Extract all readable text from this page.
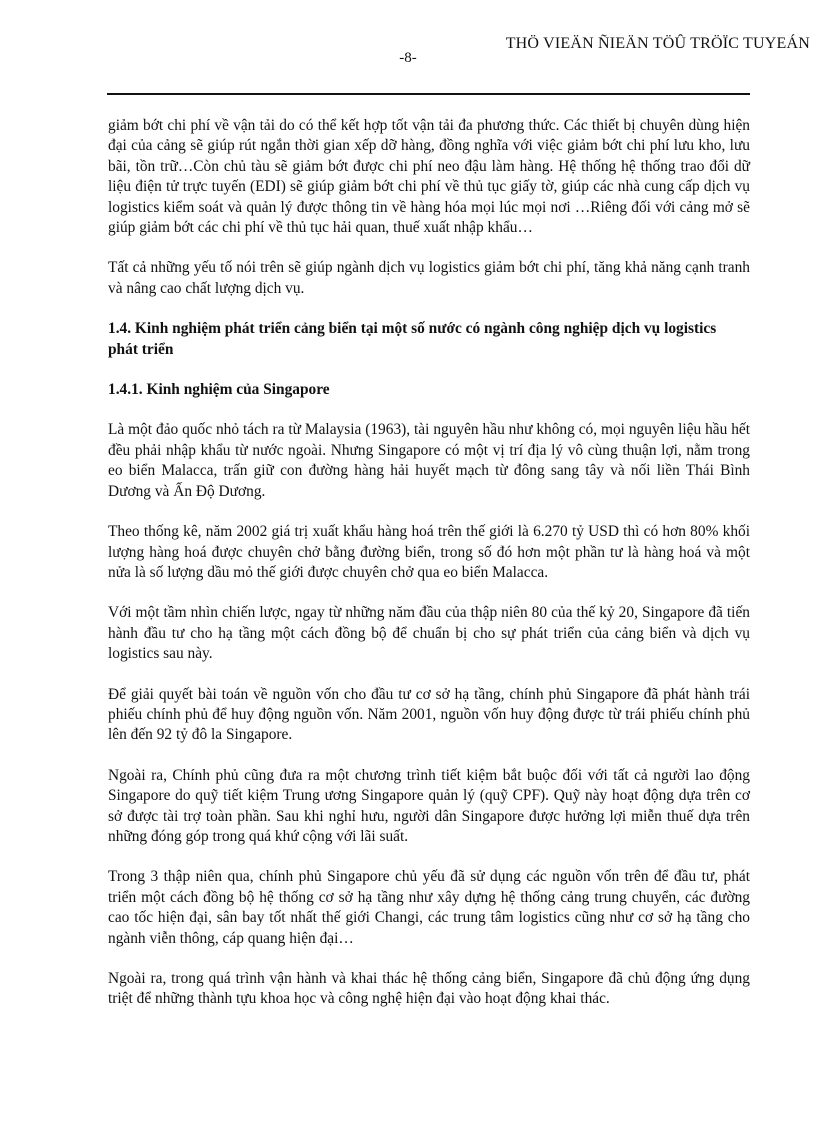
THÖ VIEÄN ÑIEÄN TÖÛ TRÖÏC TUYEÁN
-8-

giảm bớt chi phí về vận tải do có thể kết hợp tốt vận tải đa phương thức. Các thiết bị chuyên dùng hiện đại của cảng sẽ giúp rút ngắn thời gian xếp dỡ hàng, đồng nghĩa với việc giảm bớt chi phí lưu kho, lưu bãi, tồn trữ…Còn chủ tàu sẽ giảm bớt được chi phí neo đậu làm hàng. Hệ thống hệ thống trao đổi dữ liệu điện tử trực tuyến (EDI) sẽ giúp giảm bớt chi phí về thủ tục giấy tờ, giúp các nhà cung cấp dịch vụ logistics kiểm soát và quản lý được thông tin về hàng hóa mọi lúc mọi nơi …Riêng đối với cảng mở sẽ giúp giảm bớt các chi phí về thủ tục hải quan, thuế xuất nhập khẩu…

Tất cả những yếu tố nói trên sẽ giúp ngành dịch vụ logistics giảm bớt chi phí, tăng khả năng cạnh tranh và nâng cao chất lượng dịch vụ.

1.4. Kinh nghiệm phát triển cảng biển tại một số nước có ngành công nghiệp dịch vụ logistics phát triển
1.4.1. Kinh nghiệm của Singapore

Là một đảo quốc nhỏ tách ra từ Malaysia (1963), tài nguyên hầu như không có, mọi nguyên liệu hầu hết đều phải nhập khẩu từ nước ngoài. Nhưng Singapore có một vị trí địa lý vô cùng thuận lợi, nằm trong eo biển Malacca, trấn giữ con đường hàng hải huyết mạch từ đông sang tây và nối liền Thái Bình Dương và Ấn Độ Dương.

Theo thống kê, năm 2002 giá trị xuất khẩu hàng hoá trên thế giới là 6.270 tỷ USD thì có hơn 80% khối lượng hàng hoá được chuyên chở bằng đường biển, trong số đó hơn một phần tư là hàng hoá và một nửa là số lượng dầu mỏ thế giới được chuyên chở qua eo biển Malacca.

Với một tầm nhìn chiến lược, ngay từ những năm đầu của thập niên 80 của thế kỷ 20, Singapore đã tiến hành đầu tư cho hạ tầng một cách đồng bộ để chuẩn bị cho sự phát triển của cảng biển và dịch vụ logistics sau này.

Để giải quyết bài toán về nguồn vốn cho đầu tư cơ sở hạ tầng, chính phủ Singapore đã phát hành trái phiếu chính phủ để huy động nguồn vốn. Năm 2001, nguồn vốn huy động được từ trái phiếu chính phủ lên đến 92 tỷ đô la Singapore.

Ngoài ra, Chính phủ cũng đưa ra một chương trình tiết kiệm bắt buộc đối với tất cả người lao động Singapore do quỹ tiết kiệm Trung ương Singapore quản lý (quỹ CPF). Quỹ này hoạt động dựa trên cơ sở được tài trợ toàn phần. Sau khi nghỉ hưu, người dân Singapore được hưởng lợi miễn thuế dựa trên những đóng góp trong quá khứ cộng với lãi suất.

Trong 3 thập niên qua, chính phủ Singapore chủ yếu đã sử dụng các nguồn vốn trên để đầu tư, phát triển một cách đồng bộ hệ thống cơ sở hạ tầng như xây dựng hệ thống cảng trung chuyển, các đường cao tốc hiện đại, sân bay tốt nhất thế giới Changi, các trung tâm logistics cũng như cơ sở hạ tầng cho ngành viễn thông, cáp quang hiện đại…

Ngoài ra, trong quá trình vận hành và khai thác hệ thống cảng biển, Singapore đã chủ động ứng dụng triệt để những thành tựu khoa học và công nghệ hiện đại vào hoạt động khai thác.
